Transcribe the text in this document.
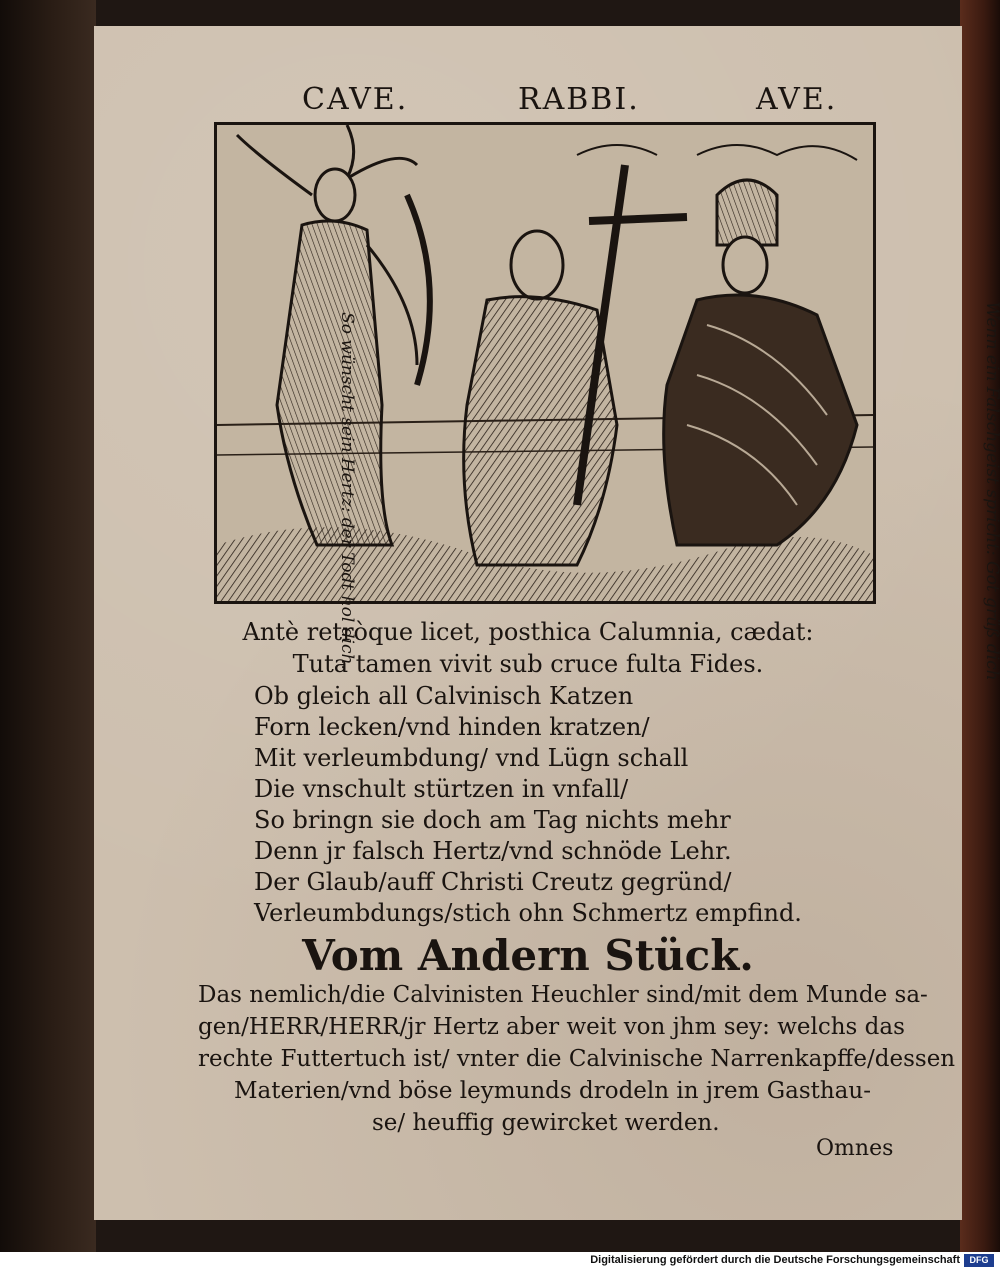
CAVE.	RABBI.	AVE.
So wünscht sein Hertz: der Todt hol dich.	Wenn ein Falschgeist spricht: Got grüß dich
Antè retròque licet, posthica Calumnia, cædat:
Tuta tamen vivit sub cruce fulta Fides.
Ob gleich all Calvinisch Katzen
Forn lecken/vnd hinden kratzen/
Mit verleumbdung/ vnd Lügn schall
Die vnschult stürtzen in vnfall/
So bringn sie doch am Tag nichts mehr
Denn jr falsch Hertz/vnd schnöde Lehr.
Der Glaub/auff Christi Creutz gegründ/
Verleumbdungs/stich ohn Schmertz empfind.
Vom Andern Stück.
Das nemlich/die Calvinisten Heuchler sind/mit dem Munde sa-
gen/HERR/HERR/jr Hertz aber weit von jhm sey: welchs das
rechte Futtertuch ist/ vnter die Calvinische Narrenkapffe/dessen
Materien/vnd böse leymunds drodeln in jrem Gasthau-
se/ heuffig gewircket werden.
Omnes
Digitalisierung gefördert durch die Deutsche Forschungsgemeinschaft	DFG
